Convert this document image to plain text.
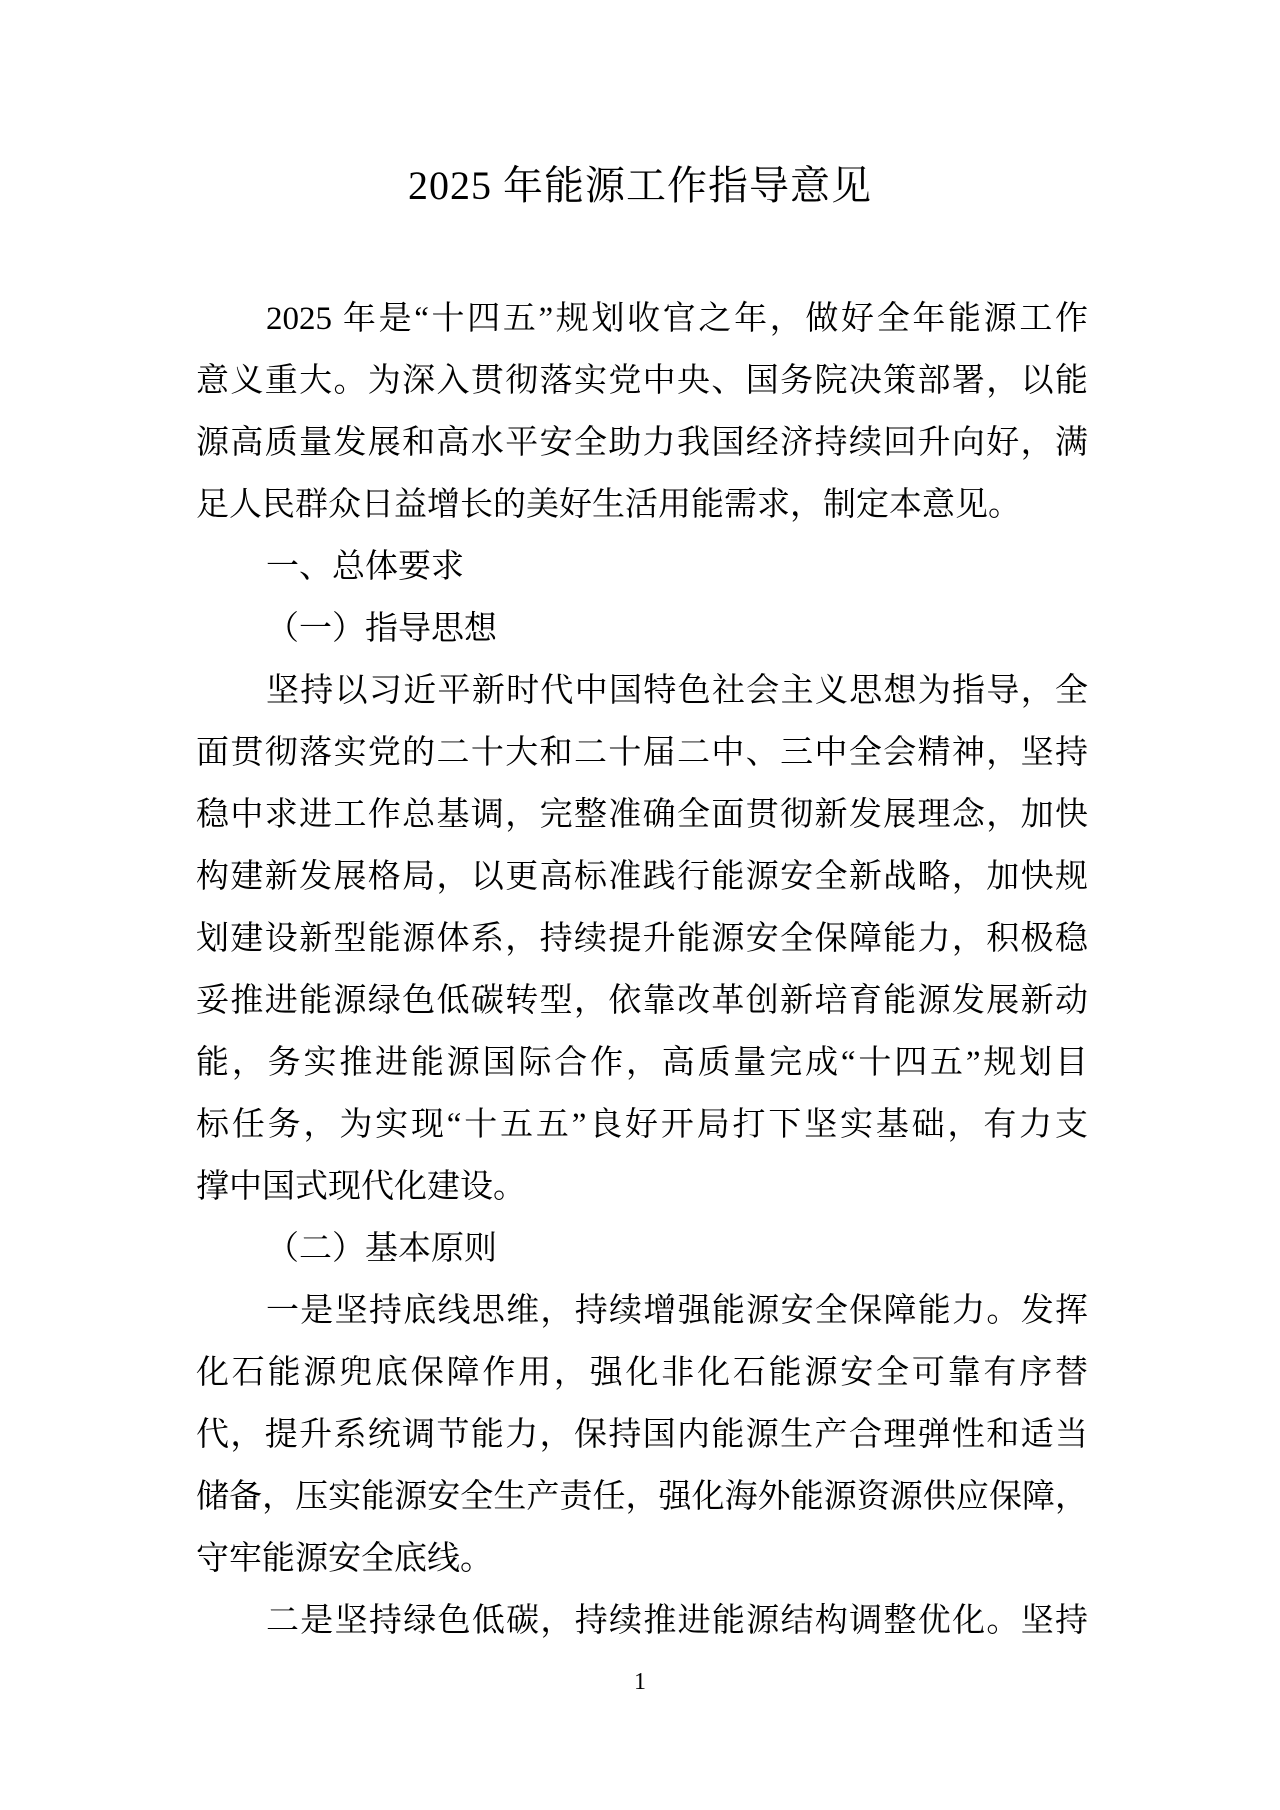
2025 年能源工作指导意见
2025 年是“十四五”规划收官之年，做好全年能源工作
意义重大。为深入贯彻落实党中央、国务院决策部署，以能
源高质量发展和高水平安全助力我国经济持续回升向好，满
足人民群众日益增长的美好生活用能需求，制定本意见。
一、总体要求
（一）指导思想
坚持以习近平新时代中国特色社会主义思想为指导，全
面贯彻落实党的二十大和二十届二中、三中全会精神，坚持
稳中求进工作总基调，完整准确全面贯彻新发展理念，加快
构建新发展格局，以更高标准践行能源安全新战略，加快规
划建设新型能源体系，持续提升能源安全保障能力，积极稳
妥推进能源绿色低碳转型，依靠改革创新培育能源发展新动
能，务实推进能源国际合作，高质量完成“十四五”规划目
标任务，为实现“十五五”良好开局打下坚实基础，有力支
撑中国式现代化建设。
（二）基本原则
一是坚持底线思维，持续增强能源安全保障能力。发挥
化石能源兜底保障作用，强化非化石能源安全可靠有序替
代，提升系统调节能力，保持国内能源生产合理弹性和适当
储备，压实能源安全生产责任，强化海外能源资源供应保障，
守牢能源安全底线。
二是坚持绿色低碳，持续推进能源结构调整优化。坚持
1
